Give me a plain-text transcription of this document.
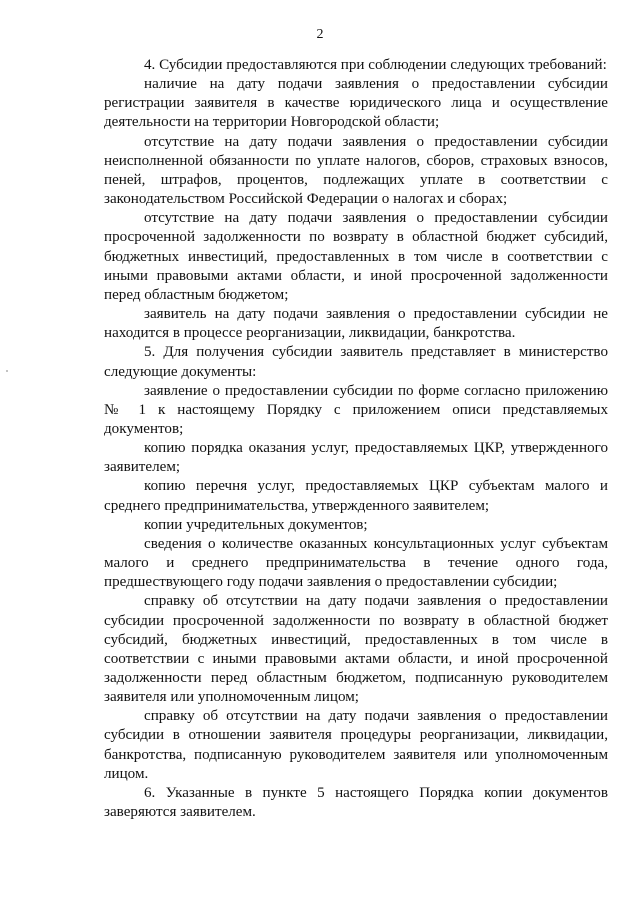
2

4. Субсидии предоставляются при соблюдении следующих требований:

наличие на дату подачи заявления о предоставлении субсидии регистрации заявителя в качестве юридического лица и осуществление деятельности на территории Новгородской области;

отсутствие на дату подачи заявления о предоставлении субсидии неисполненной обязанности по уплате налогов, сборов, страховых взносов, пеней, штрафов, процентов, подлежащих уплате в соответствии с законодательством Российской Федерации о налогах и сборах;

отсутствие на дату подачи заявления о предоставлении субсидии просроченной задолженности по возврату в областной бюджет субсидий, бюджетных инвестиций, предоставленных в том числе в соответствии с иными правовыми актами области, и иной просроченной задолженности перед областным бюджетом;

заявитель на дату подачи заявления о предоставлении субсидии не находится в процессе реорганизации, ликвидации, банкротства.

5. Для получения субсидии заявитель представляет в министерство следующие документы:

заявление о предоставлении субсидии по форме согласно приложению № 1 к настоящему Порядку с приложением описи представляемых документов;

копию порядка оказания услуг, предоставляемых ЦКР, утвержденного заявителем;

копию перечня услуг, предоставляемых ЦКР субъектам малого и среднего предпринимательства, утвержденного заявителем;

копии учредительных документов;

сведения о количестве оказанных консультационных услуг субъектам малого и среднего предпринимательства в течение одного года, предшествующего году подачи заявления о предоставлении субсидии;

справку об отсутствии на дату подачи заявления о предоставлении субсидии просроченной задолженности по возврату в областной бюджет субсидий, бюджетных инвестиций, предоставленных в том числе в соответствии с иными правовыми актами области, и иной просроченной задолженности перед областным бюджетом, подписанную руководителем заявителя или уполномоченным лицом;

справку об отсутствии на дату подачи заявления о предоставлении субсидии в отношении заявителя процедуры реорганизации, ликвидации, банкротства, подписанную руководителем заявителя или уполномоченным лицом.

6. Указанные в пункте 5 настоящего Порядка копии документов заверяются заявителем.
